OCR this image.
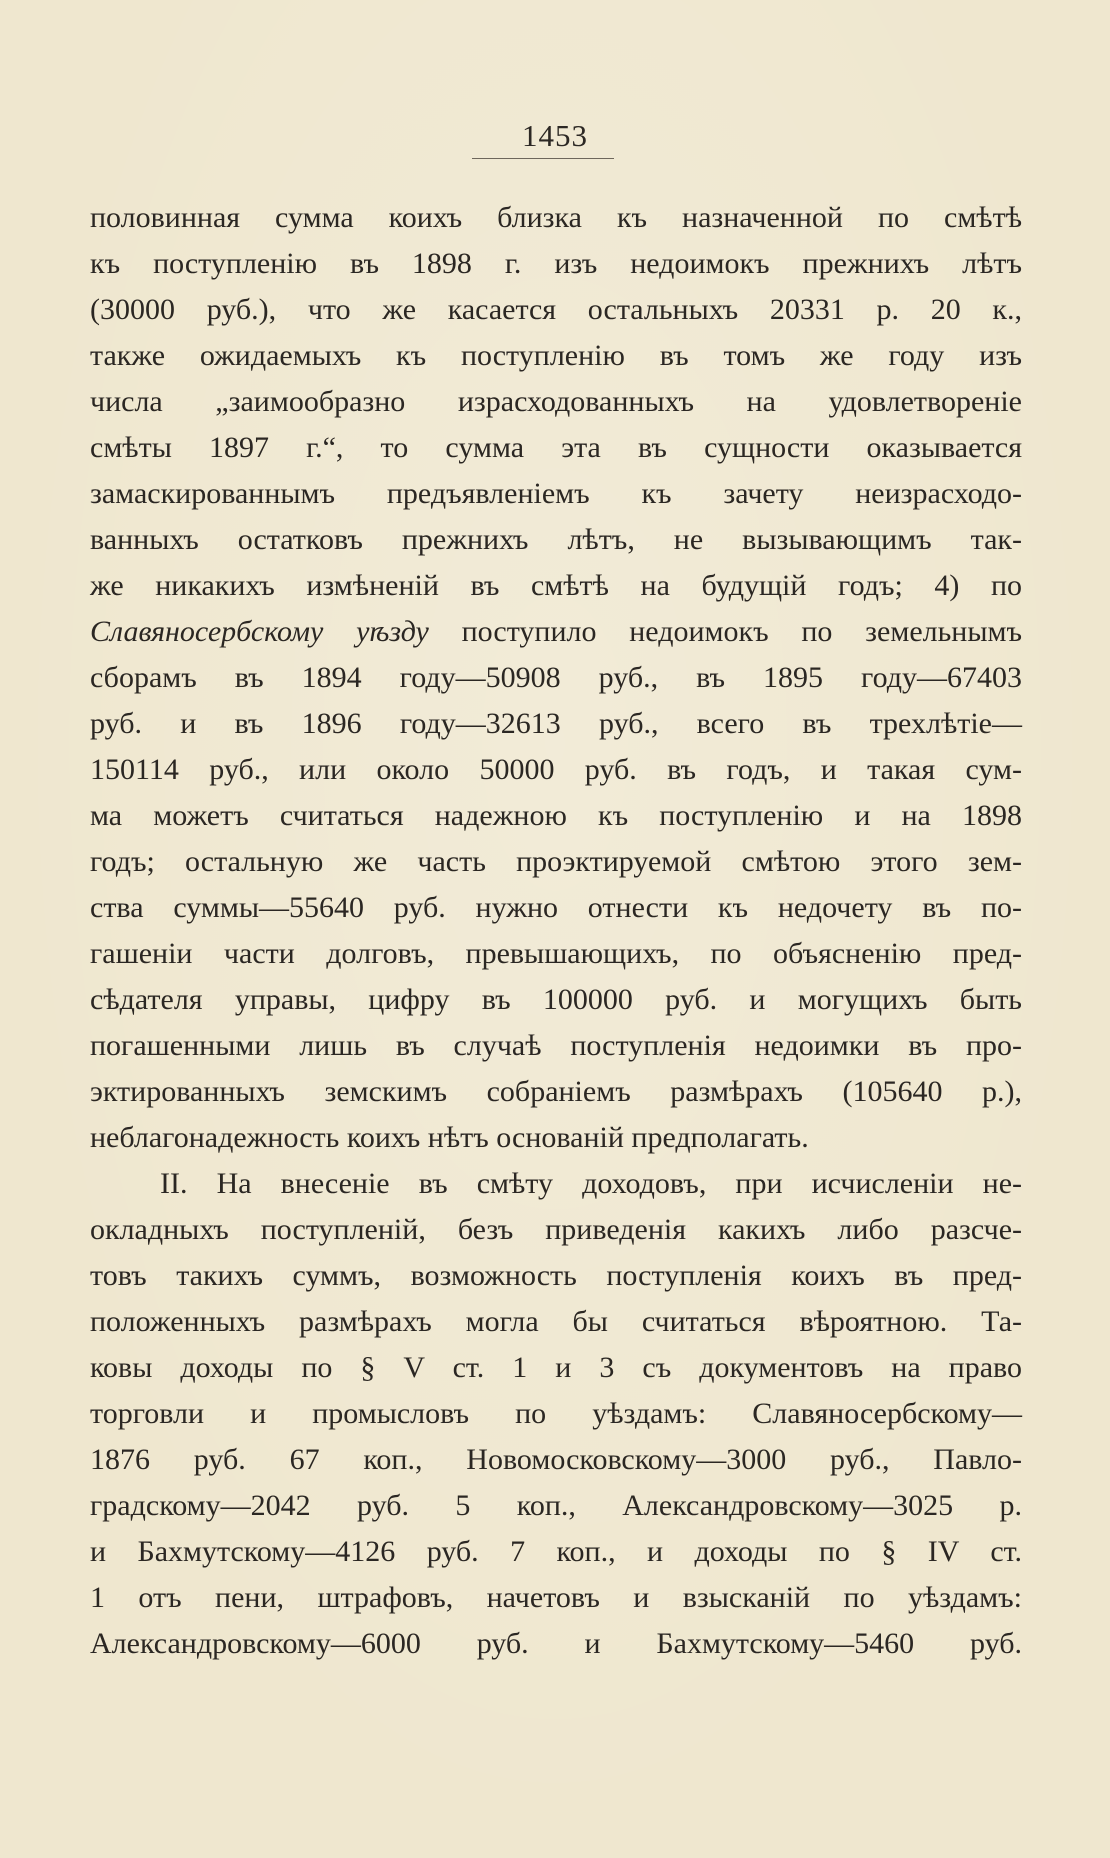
1453
половинная сумма коихъ близка къ назначенной по смѣтѣ
къ поступленію въ 1898 г. изъ недоимокъ прежнихъ лѣтъ
(30000 руб.), что же касается остальныхъ 20331 р. 20 к.,
также ожидаемыхъ къ поступленію въ томъ же году изъ
числа „заимообразно израсходованныхъ на удовлетвореніе
смѣты 1897 г.“, то сумма эта въ сущности оказывается
замаскированнымъ предъявленіемъ къ зачету неизрасходо-
ванныхъ остатковъ прежнихъ лѣтъ, не вызывающимъ так-
же никакихъ измѣненій въ смѣтѣ на будущій годъ; 4) по
Славяносербскому уѣзду поступило недоимокъ по земельнымъ
сборамъ въ 1894 году—50908 руб., въ 1895 году—67403
руб. и въ 1896 году—32613 руб., всего въ трехлѣтіе—
150114 руб., или около 50000 руб. въ годъ, и такая сум-
ма можетъ считаться надежною къ поступленію и на 1898
годъ; остальную же часть проэктируемой смѣтою этого зем-
ства суммы—55640 руб. нужно отнести къ недочету въ по-
гашеніи части долговъ, превышающихъ, по объясненію пред-
сѣдателя управы, цифру въ 100000 руб. и могущихъ быть
погашенными лишь въ случаѣ поступленія недоимки въ про-
эктированныхъ земскимъ собраніемъ размѣрахъ (105640 р.),
неблагонадежность коихъ нѣтъ основаній предполагать.
II. На внесеніе въ смѣту доходовъ, при исчисленіи не-
окладныхъ поступленій, безъ приведенія какихъ либо разсче-
товъ такихъ суммъ, возможность поступленія коихъ въ пред-
положенныхъ размѣрахъ могла бы считаться вѣроятною. Та-
ковы доходы по § V ст. 1 и 3 съ документовъ на право
торговли и промысловъ по уѣздамъ: Славяносербскому—
1876 руб. 67 коп., Новомосковскому—3000 руб., Павло-
градскому—2042 руб. 5 коп., Александровскому—3025 р.
и Бахмутскому—4126 руб. 7 коп., и доходы по § IV ст.
1 отъ пени, штрафовъ, начетовъ и взысканій по уѣздамъ:
Александровскому—6000 руб. и Бахмутскому—5460 руб.
